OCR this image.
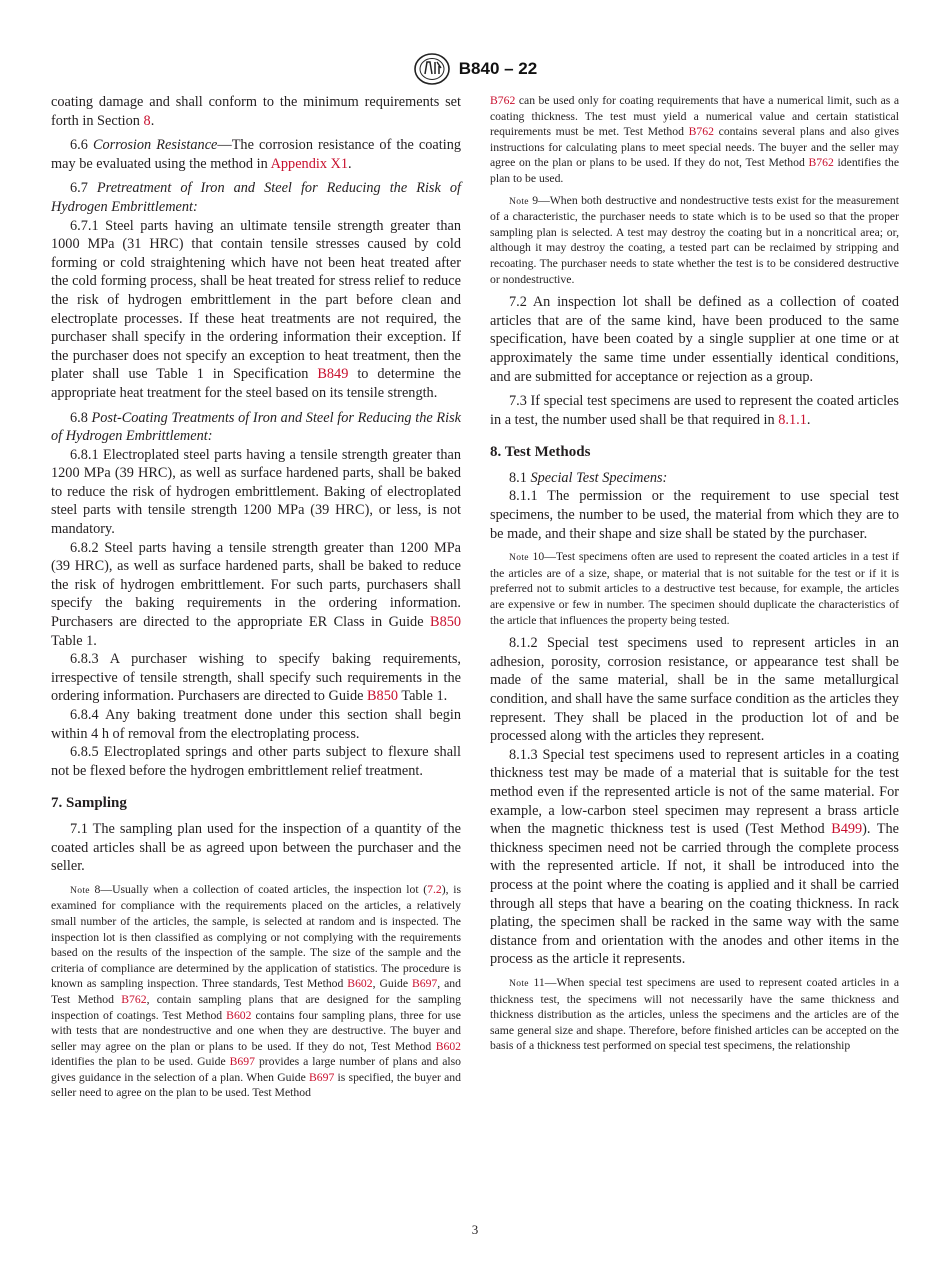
B840 – 22

coating damage and shall conform to the minimum requirements set forth in Section 8.

6.6 Corrosion Resistance—The corrosion resistance of the coating may be evaluated using the method in Appendix X1.

6.7 Pretreatment of Iron and Steel for Reducing the Risk of Hydrogen Embrittlement:

6.7.1 Steel parts having an ultimate tensile strength greater than 1000 MPa (31 HRC) that contain tensile stresses caused by cold forming or cold straightening which have not been heat treated after the cold forming process, shall be heat treated for stress relief to reduce the risk of hydrogen embrittlement in the part before clean and electroplate processes. If these heat treatments are not required, the purchaser shall specify in the ordering information their exception. If the purchaser does not specify an exception to heat treatment, then the plater shall use Table 1 in Specification B849 to determine the appropriate heat treatment for the steel based on its tensile strength.

6.8 Post-Coating Treatments of Iron and Steel for Reducing the Risk of Hydrogen Embrittlement:

6.8.1 Electroplated steel parts having a tensile strength greater than 1200 MPa (39 HRC), as well as surface hardened parts, shall be baked to reduce the risk of hydrogen embrittlement. Baking of electroplated steel parts with tensile strength 1200 MPa (39 HRC), or less, is not mandatory.

6.8.2 Steel parts having a tensile strength greater than 1200 MPa (39 HRC), as well as surface hardened parts, shall be baked to reduce the risk of hydrogen embrittlement. For such parts, purchasers shall specify the baking requirements in the ordering information. Purchasers are directed to the appropriate ER Class in Guide B850 Table 1.

6.8.3 A purchaser wishing to specify baking requirements, irrespective of tensile strength, shall specify such requirements in the ordering information. Purchasers are directed to Guide B850 Table 1.

6.8.4 Any baking treatment done under this section shall begin within 4 h of removal from the electroplating process.

6.8.5 Electroplated springs and other parts subject to flexure shall not be flexed before the hydrogen embrittlement relief treatment.

7. Sampling

7.1 The sampling plan used for the inspection of a quantity of the coated articles shall be as agreed upon between the purchaser and the seller.

Note 8—Usually when a collection of coated articles, the inspection lot (7.2), is examined for compliance with the requirements placed on the articles, a relatively small number of the articles, the sample, is selected at random and is inspected. The inspection lot is then classified as complying or not complying with the requirements based on the results of the inspection of the sample. The size of the sample and the criteria of compliance are determined by the application of statistics. The procedure is known as sampling inspection. Three standards, Test Method B602, Guide B697, and Test Method B762, contain sampling plans that are designed for the sampling inspection of coatings. Test Method B602 contains four sampling plans, three for use with tests that are nondestructive and one when they are destructive. The buyer and seller may agree on the plan or plans to be used. If they do not, Test Method B602 identifies the plan to be used. Guide B697 provides a large number of plans and also gives guidance in the selection of a plan. When Guide B697 is specified, the buyer and seller need to agree on the plan to be used. Test Method

B762 can be used only for coating requirements that have a numerical limit, such as a coating thickness. The test must yield a numerical value and certain statistical requirements must be met. Test Method B762 contains several plans and also gives instructions for calculating plans to meet special needs. The buyer and the seller may agree on the plan or plans to be used. If they do not, Test Method B762 identifies the plan to be used.

Note 9—When both destructive and nondestructive tests exist for the measurement of a characteristic, the purchaser needs to state which is to be used so that the proper sampling plan is selected. A test may destroy the coating but in a noncritical area; or, although it may destroy the coating, a tested part can be reclaimed by stripping and recoating. The purchaser needs to state whether the test is to be considered destructive or nondestructive.

7.2 An inspection lot shall be defined as a collection of coated articles that are of the same kind, have been produced to the same specification, have been coated by a single supplier at one time or at approximately the same time under essentially identical conditions, and are submitted for acceptance or rejection as a group.

7.3 If special test specimens are used to represent the coated articles in a test, the number used shall be that required in 8.1.1.

8. Test Methods

8.1 Special Test Specimens:

8.1.1 The permission or the requirement to use special test specimens, the number to be used, the material from which they are to be made, and their shape and size shall be stated by the purchaser.

Note 10—Test specimens often are used to represent the coated articles in a test if the articles are of a size, shape, or material that is not suitable for the test or if it is preferred not to submit articles to a destructive test because, for example, the articles are expensive or few in number. The specimen should duplicate the characteristics of the article that influences the property being tested.

8.1.2 Special test specimens used to represent articles in an adhesion, porosity, corrosion resistance, or appearance test shall be made of the same material, shall be in the same metallurgical condition, and shall have the same surface condition as the articles they represent. They shall be placed in the production lot of and be processed along with the articles they represent.

8.1.3 Special test specimens used to represent articles in a coating thickness test may be made of a material that is suitable for the test method even if the represented article is not of the same material. For example, a low-carbon steel specimen may represent a brass article when the magnetic thickness test is used (Test Method B499). The thickness specimen need not be carried through the complete process with the represented article. If not, it shall be introduced into the process at the point where the coating is applied and it shall be carried through all steps that have a bearing on the coating thickness. In rack plating, the specimen shall be racked in the same way with the same distance from and orientation with the anodes and other items in the process as the article it represents.

Note 11—When special test specimens are used to represent coated articles in a thickness test, the specimens will not necessarily have the same thickness and thickness distribution as the articles, unless the specimens and the articles are of the same general size and shape. Therefore, before finished articles can be accepted on the basis of a thickness test performed on special test specimens, the relationship

3
